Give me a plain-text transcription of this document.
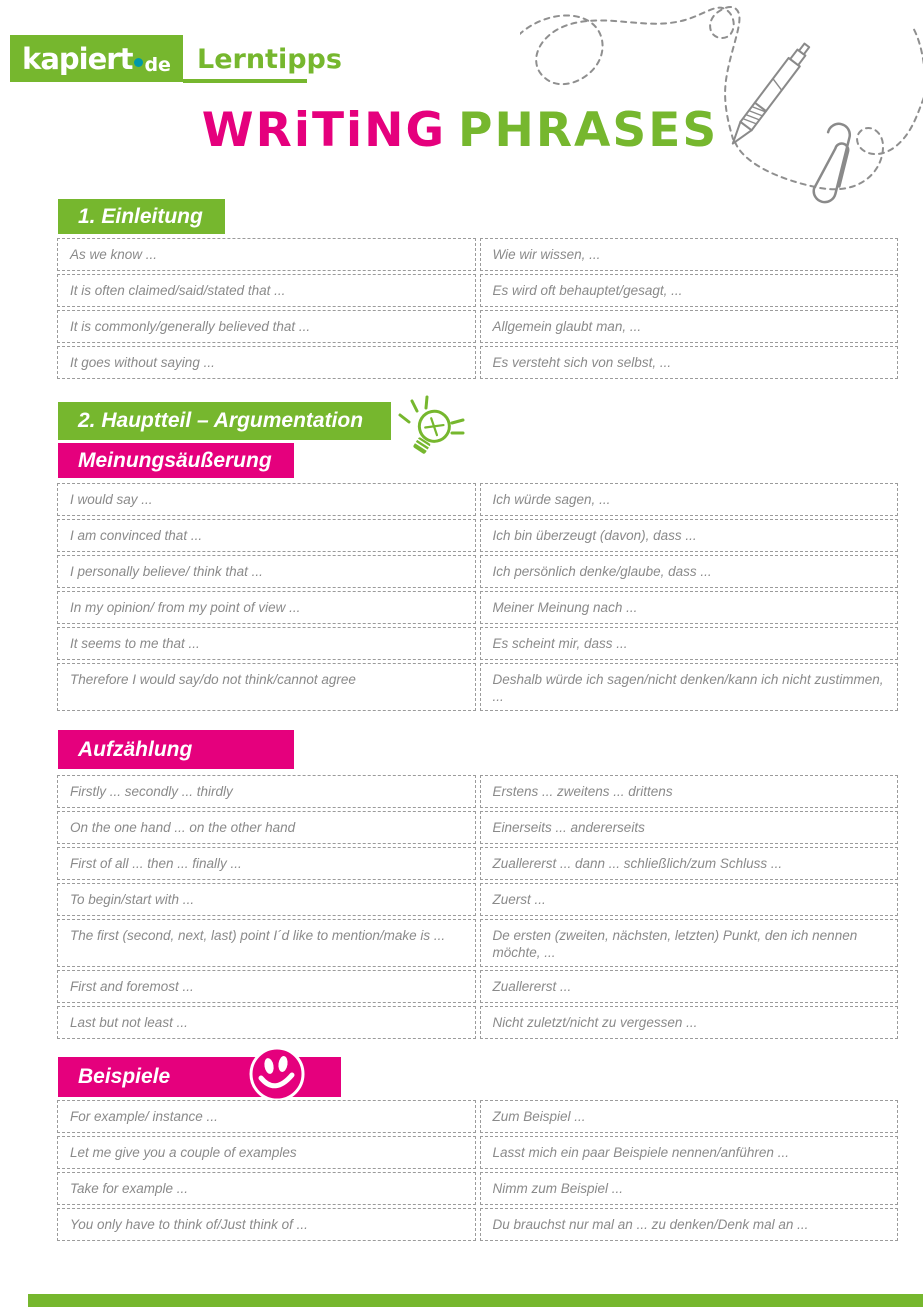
kapiert de Lerntipps
WRiTiNG PHRASES
1. Einleitung
As we know ...	Wie wir wissen, ...
It is often claimed/said/stated that ...	Es wird oft behauptet/gesagt, ...
It is commonly/generally believed that ...	Allgemein glaubt man, ...
It goes without saying ...	Es versteht sich von selbst, ...
2. Hauptteil – Argumentation
Meinungsäußerung
I would say ...	Ich würde sagen, ...
I am convinced that ...	Ich bin überzeugt (davon), dass ...
I personally believe/ think that ...	Ich persönlich denke/glaube, dass ...
In my opinion/ from my point of view ...	Meiner Meinung nach ...
It seems to me that ...	Es scheint mir, dass ...
Therefore I would say/do not think/cannot agree	Deshalb würde ich sagen/nicht denken/kann ich nicht zustimmen, ...
Aufzählung
Firstly ... secondly ... thirdly	Erstens ... zweitens ... drittens
On the one hand ... on the other hand	Einerseits ... andererseits
First of all ... then ... finally ...	Zuallererst ... dann ... schließlich/zum Schluss ...
To begin/start with ...	Zuerst ...
The first (second, next, last) point I´d like to mention/make is ...	De ersten (zweiten, nächsten, letzten) Punkt, den ich nennen möchte, ...
First and foremost ...	Zuallererst ...
Last but not least ...	Nicht zuletzt/nicht zu vergessen ...
Beispiele
For example/ instance ...	Zum Beispiel ...
Let me give you a couple of examples	Lasst mich ein paar Beispiele nennen/anführen ...
Take for example ...	Nimm zum Beispiel ...
You only have to think of/Just think of ...	Du brauchst nur mal an ... zu denken/Denk mal an ...
